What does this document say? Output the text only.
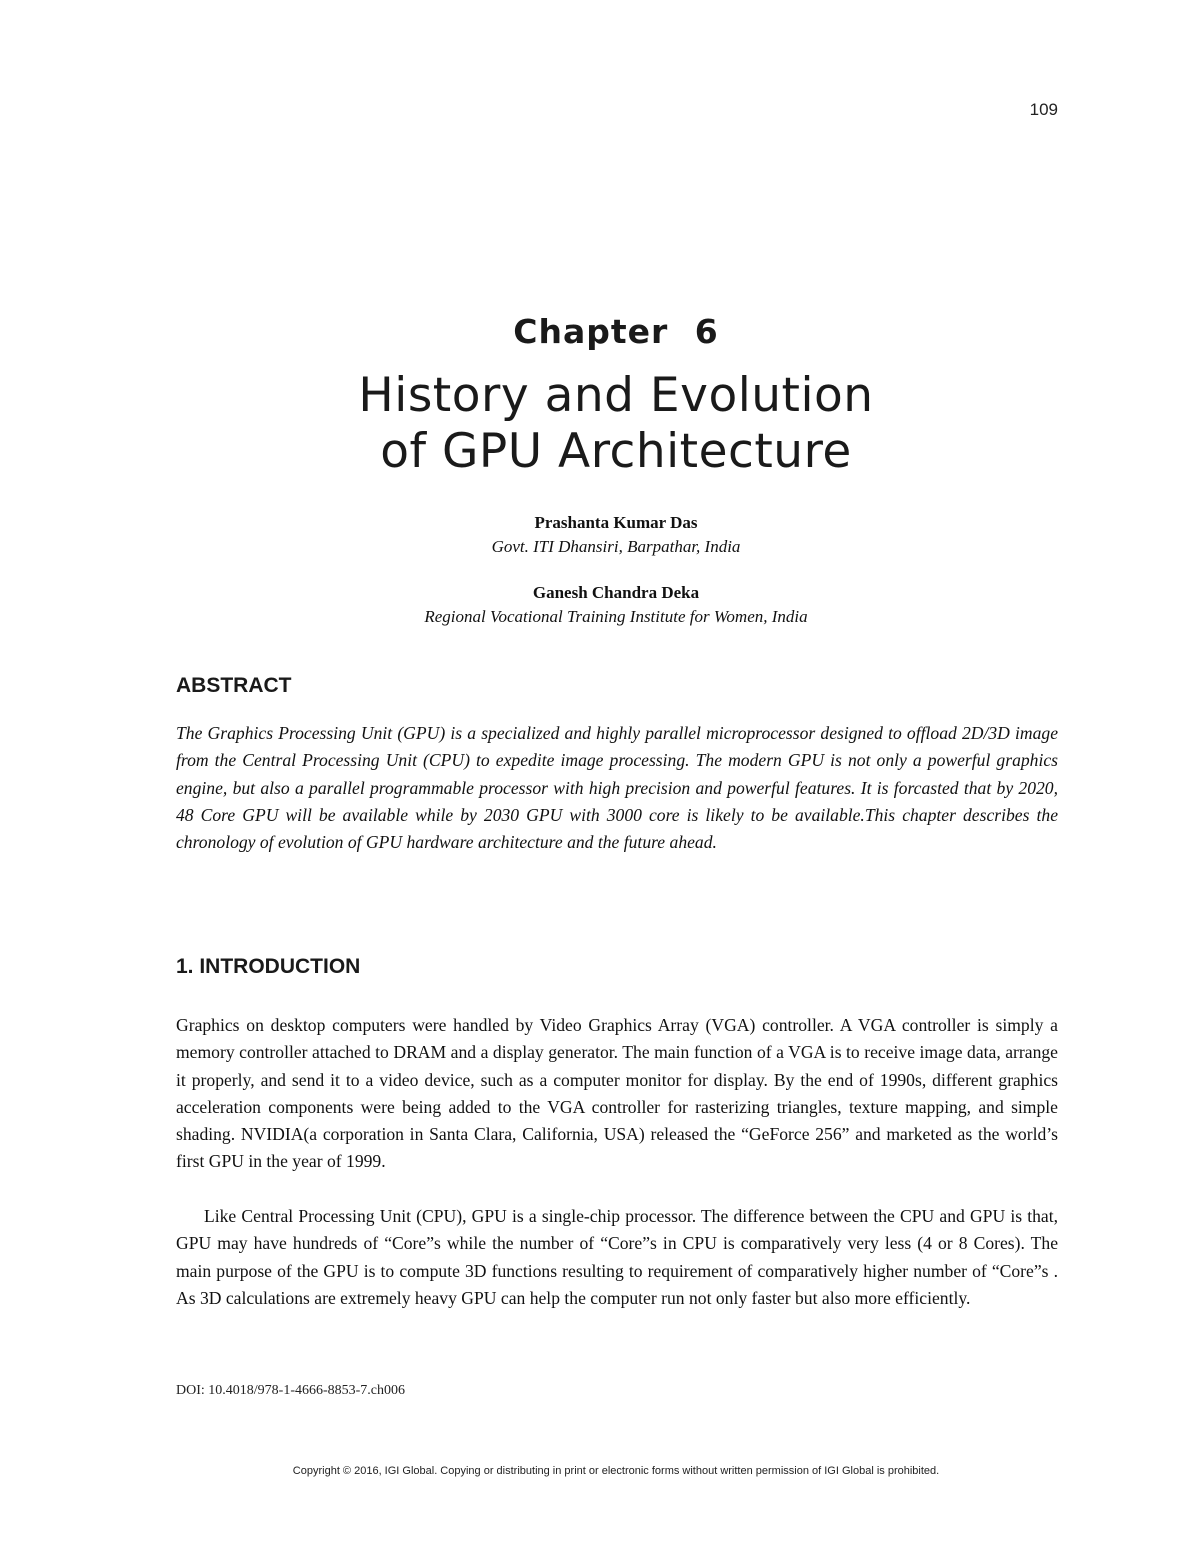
109
Chapter 6
History and Evolution
of GPU Architecture
Prashanta Kumar Das
Govt. ITI Dhansiri, Barpathar, India
Ganesh Chandra Deka
Regional Vocational Training Institute for Women, India
ABSTRACT

The Graphics Processing Unit (GPU) is a specialized and highly parallel microprocessor designed to offload 2D/3D image from the Central Processing Unit (CPU) to expedite image processing. The modern GPU is not only a powerful graphics engine, but also a parallel programmable processor with high precision and powerful features. It is forcasted that by 2020, 48 Core GPU will be available while by 2030 GPU with 3000 core is likely to be available.This chapter describes the chronology of evolution of GPU hardware architecture and the future ahead.

1. INTRODUCTION

Graphics on desktop computers were handled by Video Graphics Array (VGA) controller. A VGA controller is simply a memory controller attached to DRAM and a display generator. The main function of a VGA is to receive image data, arrange it properly, and send it to a video device, such as a computer monitor for display. By the end of 1990s, different graphics acceleration components were being added to the VGA controller for rasterizing triangles, texture mapping, and simple shading. NVIDIA(a corporation in Santa Clara, California, USA) released the “GeForce 256” and marketed as the world’s first GPU in the year of 1999.

Like Central Processing Unit (CPU), GPU is a single-chip processor. The difference between the CPU and GPU is that, GPU may have hundreds of “Core”s while the number of “Core”s in CPU is comparatively very less (4 or 8 Cores). The main purpose of the GPU is to compute 3D functions resulting to requirement of comparatively higher number of “Core”s . As 3D calculations are extremely heavy GPU can help the computer run not only faster but also more efficiently.

DOI: 10.4018/978-1-4666-8853-7.ch006
Copyright © 2016, IGI Global. Copying or distributing in print or electronic forms without written permission of IGI Global is prohibited.
